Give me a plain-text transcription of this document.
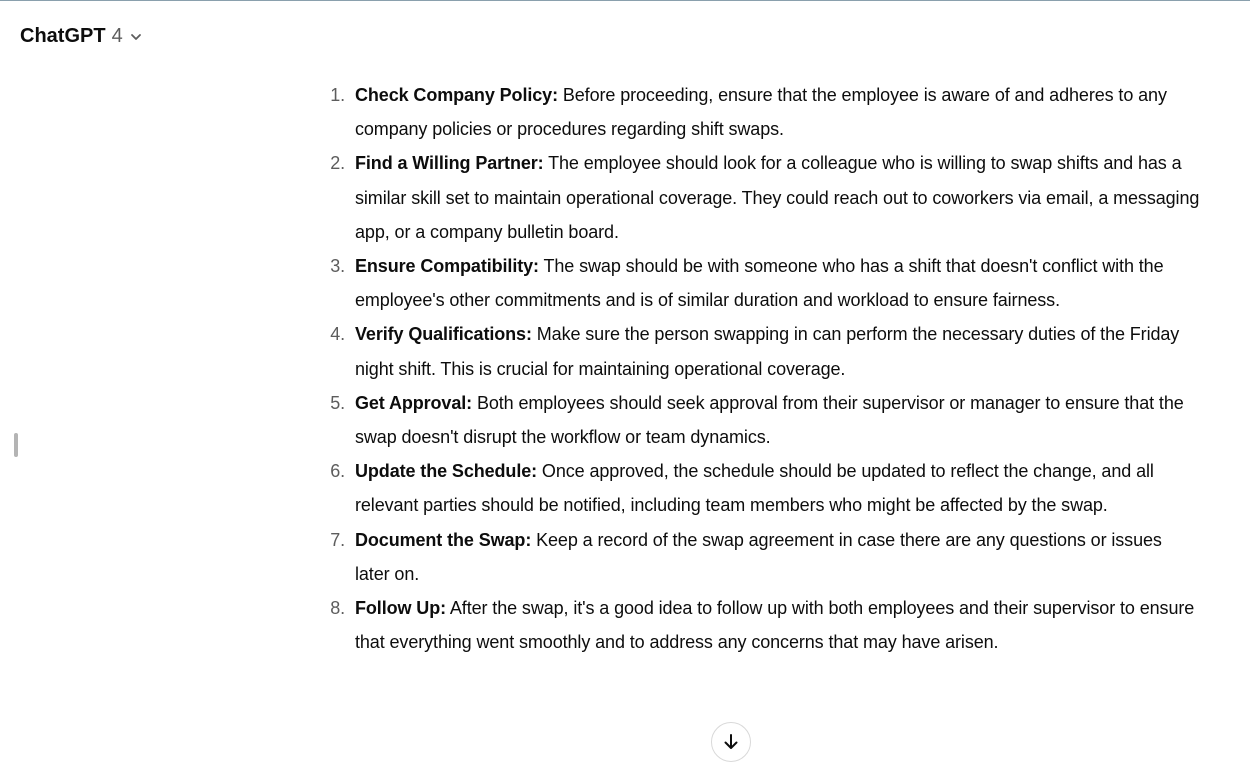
ChatGPT 4
1. Check Company Policy: Before proceeding, ensure that the employee is aware of and adheres to any company policies or procedures regarding shift swaps.
2. Find a Willing Partner: The employee should look for a colleague who is willing to swap shifts and has a similar skill set to maintain operational coverage. They could reach out to coworkers via email, a messaging app, or a company bulletin board.
3. Ensure Compatibility: The swap should be with someone who has a shift that doesn't conflict with the employee's other commitments and is of similar duration and workload to ensure fairness.
4. Verify Qualifications: Make sure the person swapping in can perform the necessary duties of the Friday night shift. This is crucial for maintaining operational coverage.
5. Get Approval: Both employees should seek approval from their supervisor or manager to ensure that the swap doesn't disrupt the workflow or team dynamics.
6. Update the Schedule: Once approved, the schedule should be updated to reflect the change, and all relevant parties should be notified, including team members who might be affected by the swap.
7. Document the Swap: Keep a record of the swap agreement in case there are any questions or issues later on.
8. Follow Up: After the swap, it's a good idea to follow up with both employees and their supervisor to ensure that everything went smoothly and to address any concerns that may have arisen.
